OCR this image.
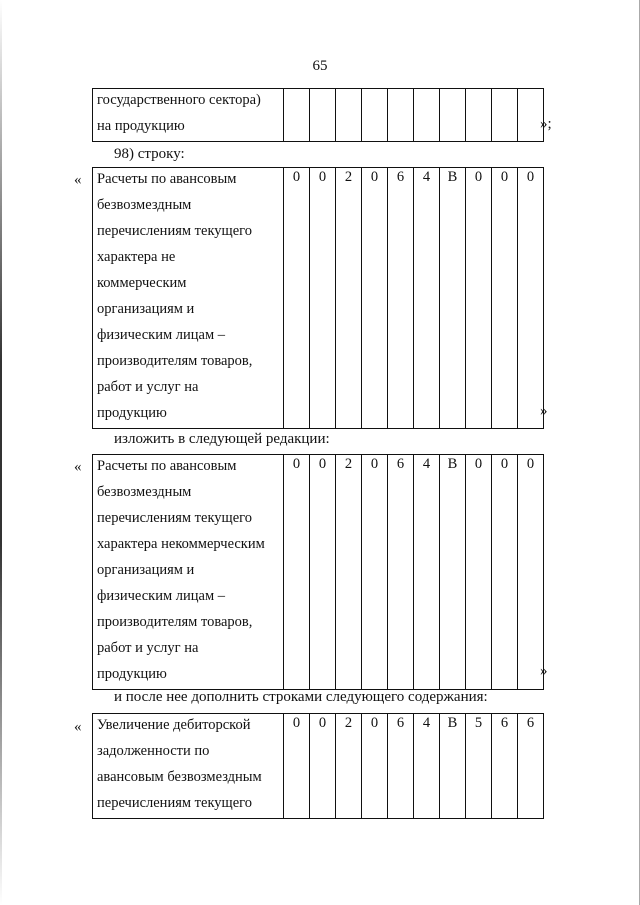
65
»;
государственного сектора)
на продукцию

98) строку:
«
»
Расчеты по авансовым
безвозмездным
перечислениям текущего
характера не
коммерческим
организациям и
физическим лицам –
производителям товаров,
работ и услуг на
продукцию
	0	0	2	0	6	4	В	0	0	0
изложить в следующей редакции:
«
»
Расчеты по авансовым
безвозмездным
перечислениям текущего
характера некоммерческим
организациям и
физическим лицам –
производителям товаров,
работ и услуг на
продукцию
	0	0	2	0	6	4	В	0	0	0
и после нее дополнить строками следующего содержания:
« Увеличение дебиторской
задолженности по
авансовым безвозмездным
перечислениям текущего
	0	0	2	0	6	4	В	5	6	6
